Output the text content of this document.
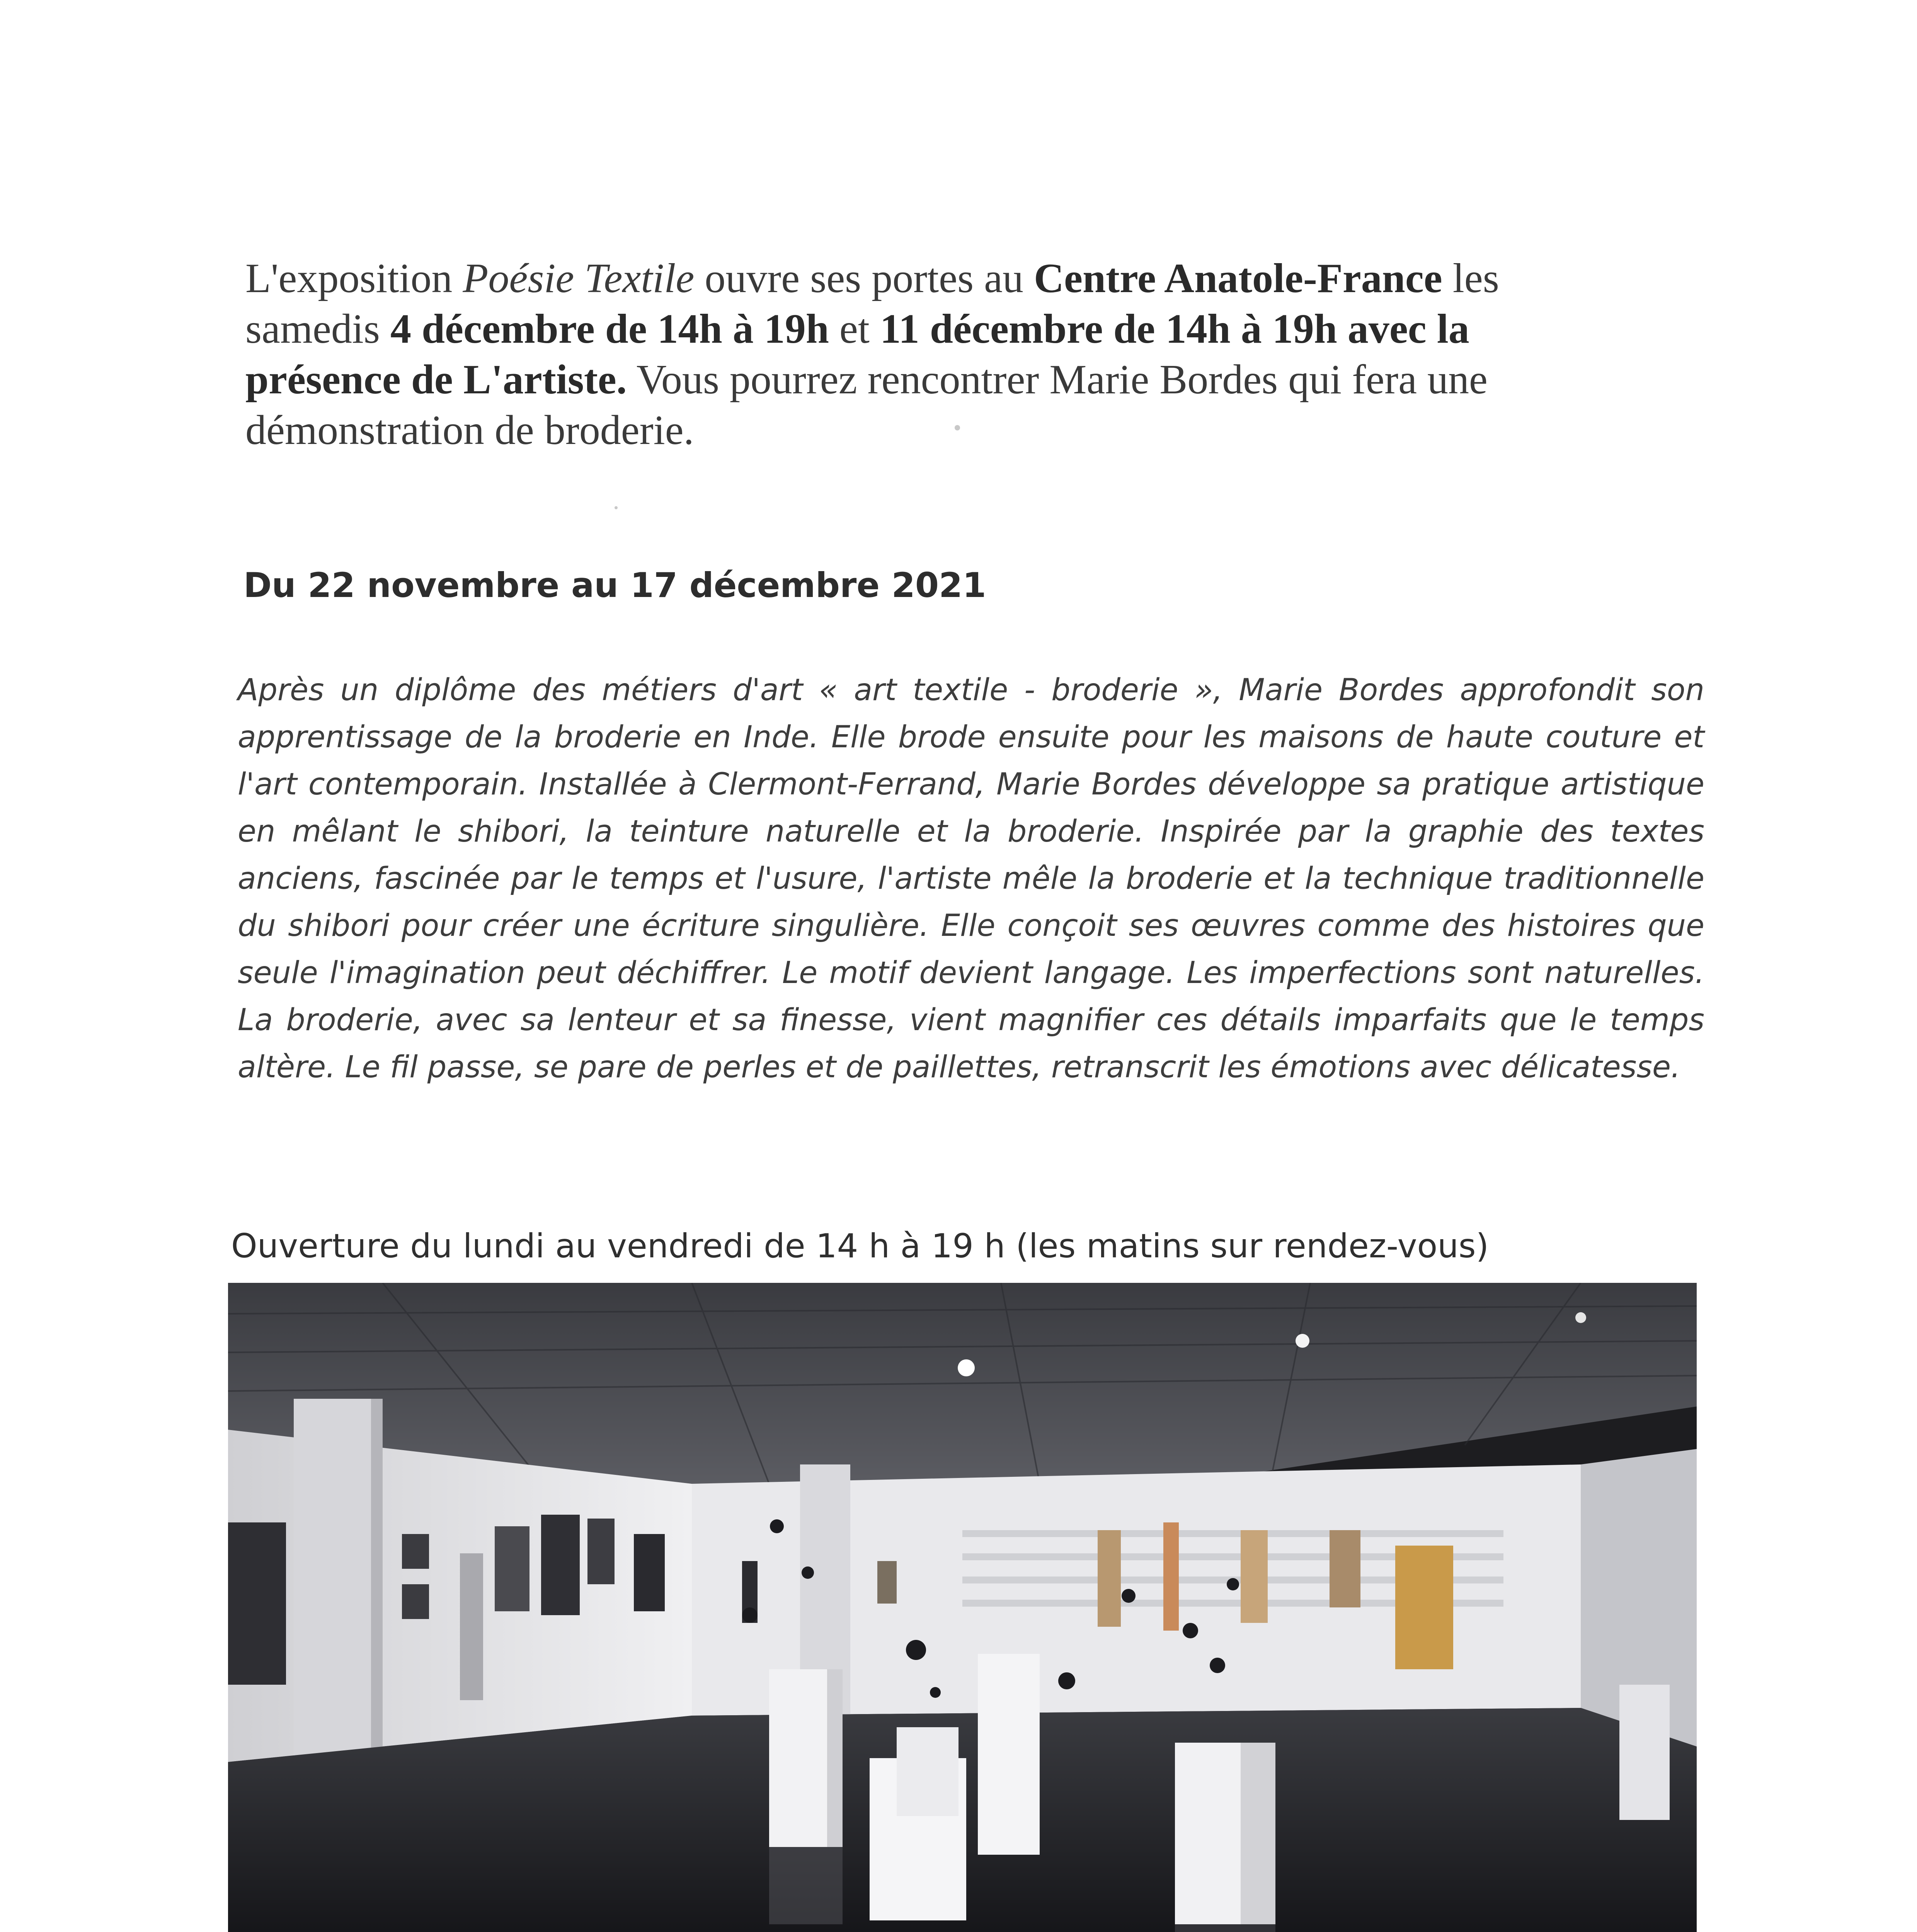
L'exposition Poésie Textile ouvre ses portes au Centre Anatole-France les samedis 4 décembre de 14h à 19h et 11 décembre de 14h à 19h avec la présence de L'artiste. Vous pourrez rencontrer Marie Bordes qui fera une démonstration de broderie.

Du 22 novembre au 17 décembre 2021

Après un diplôme des métiers d'art « art textile - broderie », Marie Bordes approfondit son apprentissage de la broderie en Inde. Elle brode ensuite pour les maisons de haute couture et l'art contemporain. Installée à Clermont-Ferrand, Marie Bordes développe sa pratique artistique en mêlant le shibori, la teinture naturelle et la broderie. Inspirée par la graphie des textes anciens, fascinée par le temps et l'usure, l'artiste mêle la broderie et la technique traditionnelle du shibori pour créer une écriture singulière. Elle conçoit ses œuvres comme des histoires que seule l'imagination peut déchiffrer. Le motif devient langage. Les imperfections sont naturelles. La broderie, avec sa lenteur et sa finesse, vient magnifier ces détails imparfaits que le temps altère. Le fil passe, se pare de perles et de paillettes, retranscrit les émotions avec délicatesse.

Ouverture du lundi au vendredi de 14 h à 19 h (les matins sur rendez-vous)
